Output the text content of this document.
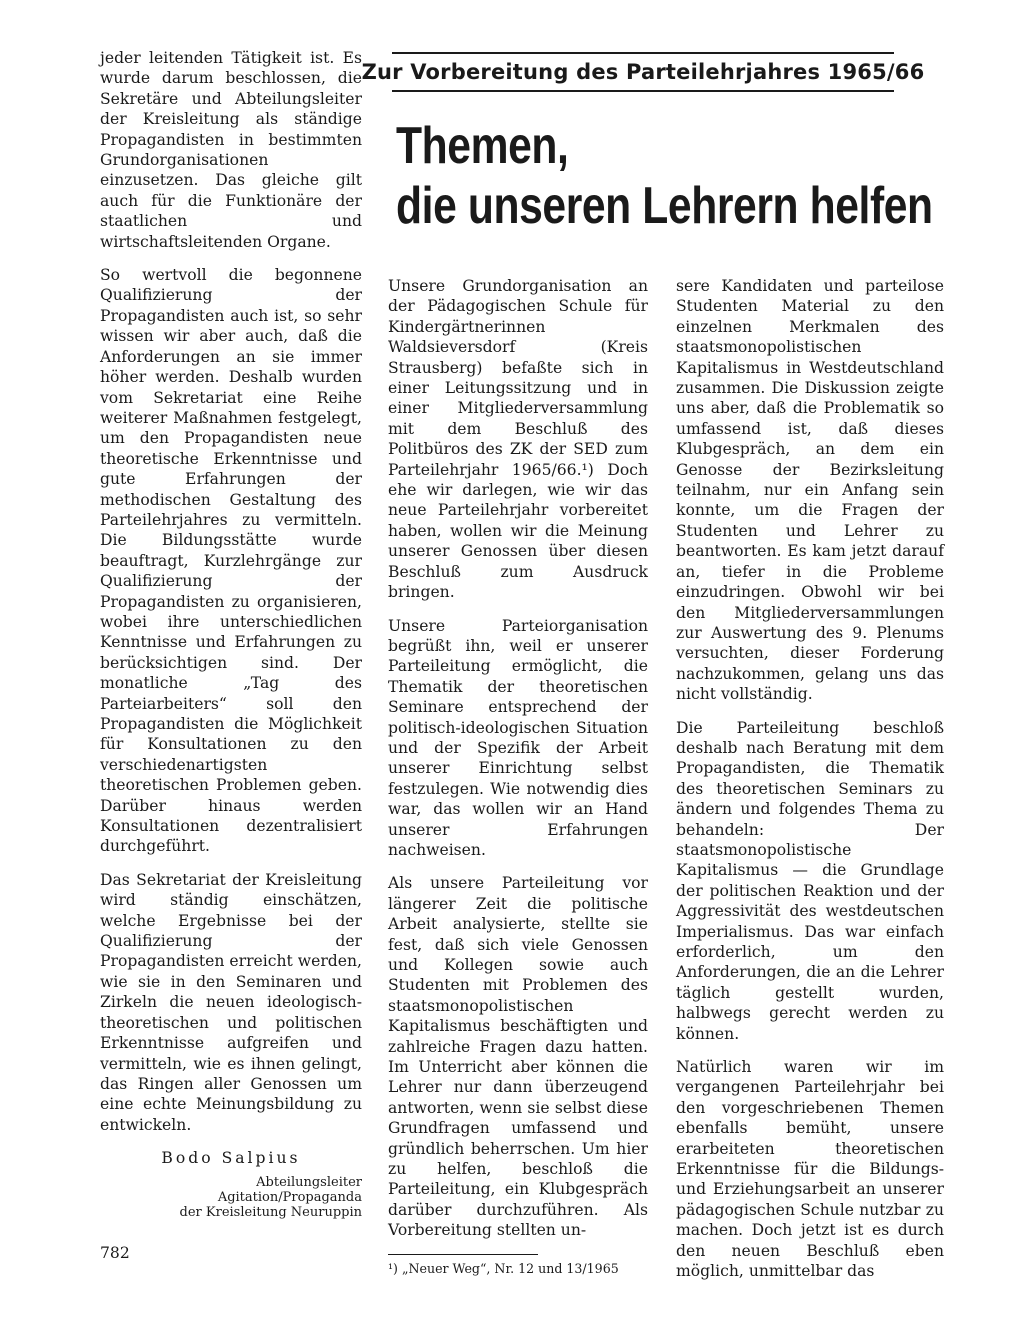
jeder leitenden Tätigkeit ist. Es wurde darum beschlossen, die Sekretäre und Abteilungsleiter der Kreisleitung als ständige Propagandisten in bestimmten Grundorganisationen einzusetzen. Das gleiche gilt auch für die Funktionäre der staatlichen und wirtschaftsleitenden Organe.

So wertvoll die begonnene Qualifizierung der Propagandisten auch ist, so sehr wissen wir aber auch, daß die Anforderungen an sie immer höher werden. Deshalb wurden vom Sekretariat eine Reihe weiterer Maßnahmen festgelegt, um den Propagandisten neue theoretische Erkenntnisse und gute Erfahrungen der methodischen Gestaltung des Parteilehrjahres zu vermitteln. Die Bildungsstätte wurde beauftragt, Kurzlehrgänge zur Qualifizierung der Propagandisten zu organisieren, wobei ihre unterschiedlichen Kenntnisse und Erfahrungen zu berücksichtigen sind. Der monatliche „Tag des Parteiarbeiters“ soll den Propagandisten die Möglichkeit für Konsultationen zu den verschiedenartigsten theoretischen Problemen geben. Darüber hinaus werden Konsultationen dezentralisiert durchgeführt.

Das Sekretariat der Kreisleitung wird ständig einschätzen, welche Ergebnisse bei der Qualifizierung der Propagandisten erreicht werden, wie sie in den Seminaren und Zirkeln die neuen ideologisch-theoretischen und politischen Erkenntnisse aufgreifen und vermitteln, wie es ihnen gelingt, das Ringen aller Genossen um eine echte Meinungsbildung zu entwickeln.

Bodo Salpius
Abteilungsleiter
Agitation/Propaganda
der Kreisleitung Neuruppin
Zur Vorbereitung des Parteilehrjahres 1965/66
Themen,
die unseren Lehrern helfen

Unsere Grundorganisation an der Pädagogischen Schule für Kindergärtnerinnen Waldsieversdorf (Kreis Strausberg) befaßte sich in einer Leitungssitzung und in einer Mitgliederversammlung mit dem Beschluß des Politbüros des ZK der SED zum Parteilehrjahr 1965/66.¹) Doch ehe wir darlegen, wie wir das neue Parteilehrjahr vorbereitet haben, wollen wir die Meinung unserer Genossen über diesen Beschluß zum Ausdruck bringen.

Unsere Parteiorganisation begrüßt ihn, weil er unserer Parteileitung ermöglicht, die Thematik der theoretischen Seminare entsprechend der politisch-ideologischen Situation und der Spezifik der Arbeit unserer Einrichtung selbst festzulegen. Wie notwendig dies war, das wollen wir an Hand unserer Erfahrungen nachweisen.

Als unsere Parteileitung vor längerer Zeit die politische Arbeit analysierte, stellte sie fest, daß sich viele Genossen und Kollegen sowie auch Studenten mit Problemen des staatsmonopolistischen Kapitalismus beschäftigten und zahlreiche Fragen dazu hatten. Im Unterricht aber können die Lehrer nur dann überzeugend antworten, wenn sie selbst diese Grundfragen umfassend und gründlich beherrschen. Um hier zu helfen, beschloß die Parteileitung, ein Klubgespräch darüber durchzuführen. Als Vorbereitung stellten un-

¹) „Neuer Weg“, Nr. 12 und 13/1965

sere Kandidaten und parteilose Studenten Material zu den einzelnen Merkmalen des staatsmonopolistischen Kapitalismus in Westdeutschland zusammen. Die Diskussion zeigte uns aber, daß die Problematik so umfassend ist, daß dieses Klubgespräch, an dem ein Genosse der Bezirksleitung teilnahm, nur ein Anfang sein konnte, um die Fragen der Studenten und Lehrer zu beantworten. Es kam jetzt darauf an, tiefer in die Probleme einzudringen. Obwohl wir bei den Mitgliederversammlungen zur Auswertung des 9. Plenums versuchten, dieser Forderung nachzukommen, gelang uns das nicht vollständig.

Die Parteileitung beschloß deshalb nach Beratung mit dem Propagandisten, die Thematik des theoretischen Seminars zu ändern und folgendes Thema zu behandeln: Der staatsmonopolistische Kapitalismus — die Grundlage der politischen Reaktion und der Aggressivität des westdeutschen Imperialismus. Das war einfach erforderlich, um den Anforderungen, die an die Lehrer täglich gestellt wurden, halbwegs gerecht werden zu können.

Natürlich waren wir im vergangenen Parteilehrjahr bei den vorgeschriebenen Themen ebenfalls bemüht, unsere erarbeiteten theoretischen Erkenntnisse für die Bildungs- und Erziehungsarbeit an unserer pädagogischen Schule nutzbar zu machen. Doch jetzt ist es durch den neuen Beschluß eben möglich, unmittelbar das

782
